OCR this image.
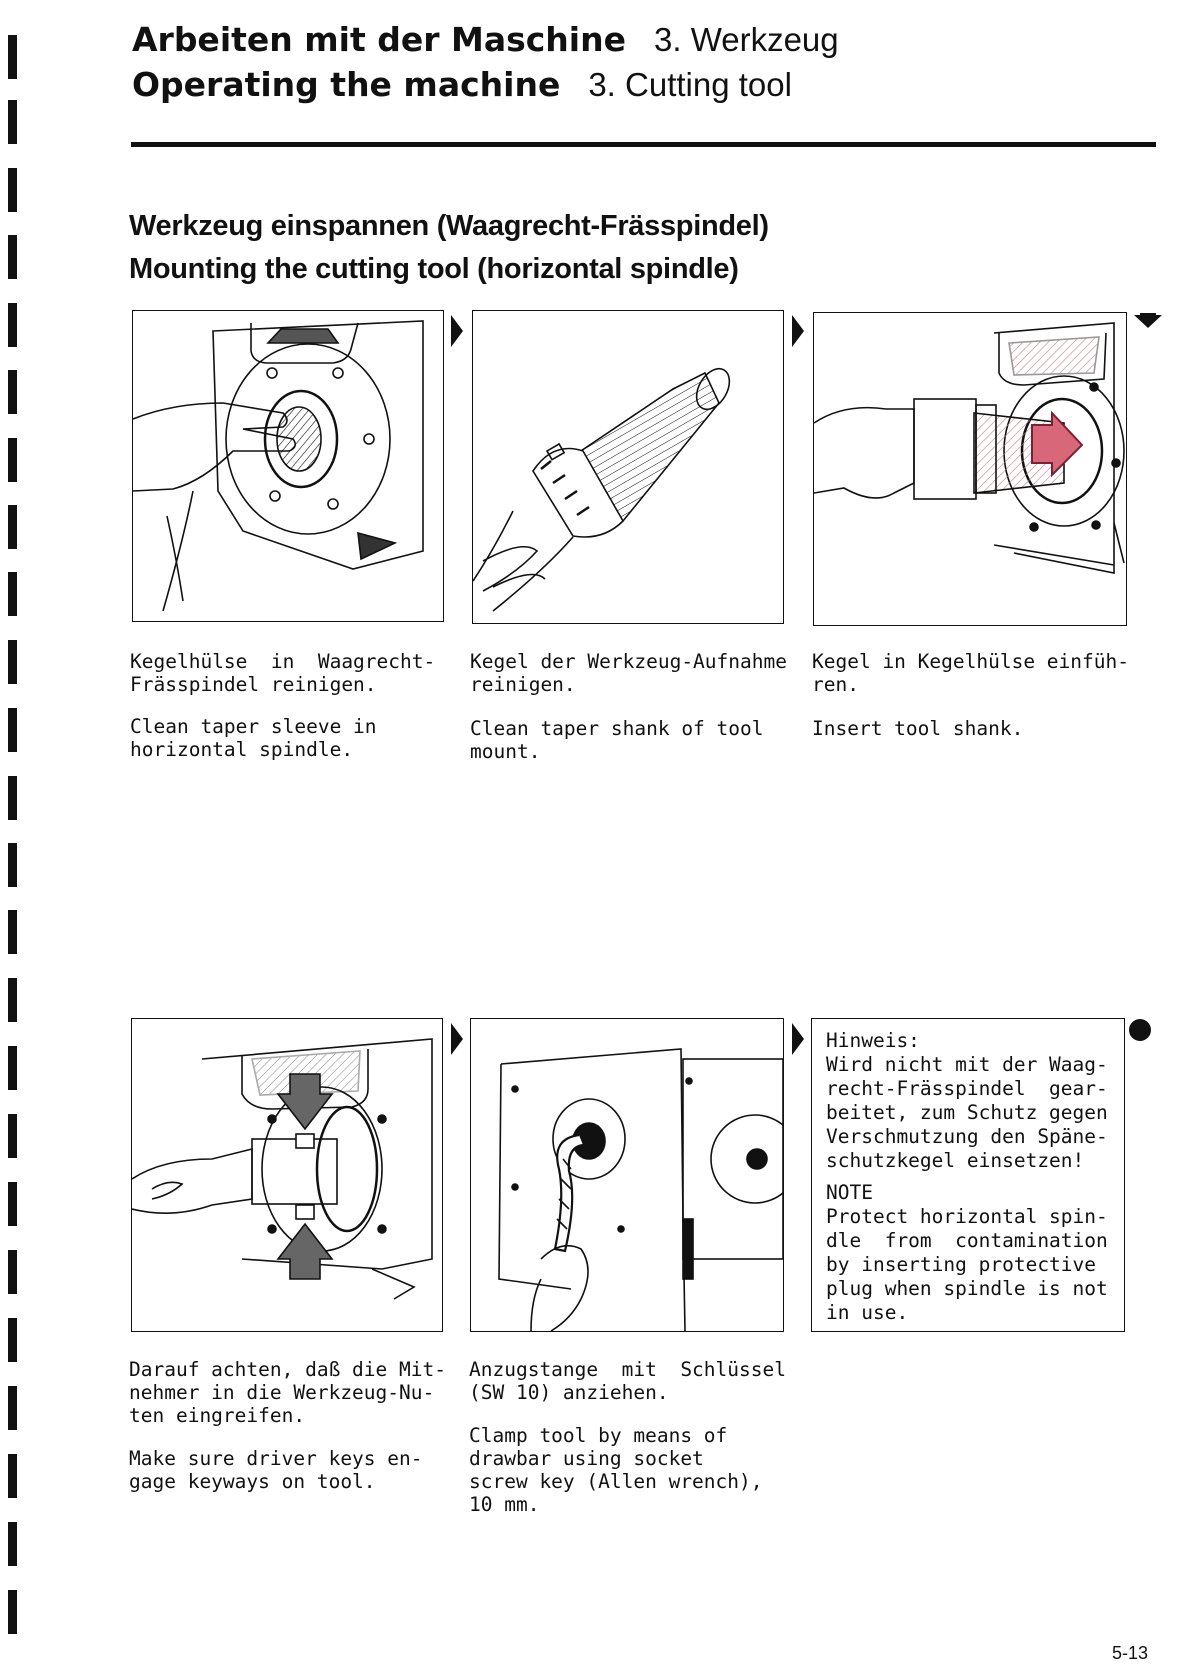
Arbeiten mit der Maschine 3. Werkzeug
Operating the machine 3. Cutting tool
Werkzeug einspannen (Waagrecht-Frässpindel)
Mounting the cutting tool (horizontal spindle)
Kegelhülse  in  Waagrecht-
Frässpindel reinigen.
Clean taper sleeve in
horizontal spindle.
Kegel der Werkzeug-Aufnahme
reinigen.
Clean taper shank of tool
mount.
Kegel in Kegelhülse einfüh-
ren.
Insert tool shank.
Hinweis:
Wird nicht mit der Waag-
recht-Frässpindel  gear-
beitet, zum Schutz gegen
Verschmutzung den Späne-
schutzkegel einsetzen!
NOTE
Protect horizontal spin-
dle  from  contamination
by inserting protective
plug when spindle is not
in use.
Darauf achten, daß die Mit-
nehmer in die Werkzeug-Nu-
ten eingreifen.
Make sure driver keys en-
gage keyways on tool.
Anzugstange  mit  Schlüssel
(SW 10) anziehen.
Clamp tool by means of
drawbar using socket
screw key (Allen wrench),
10 mm.
5-13
